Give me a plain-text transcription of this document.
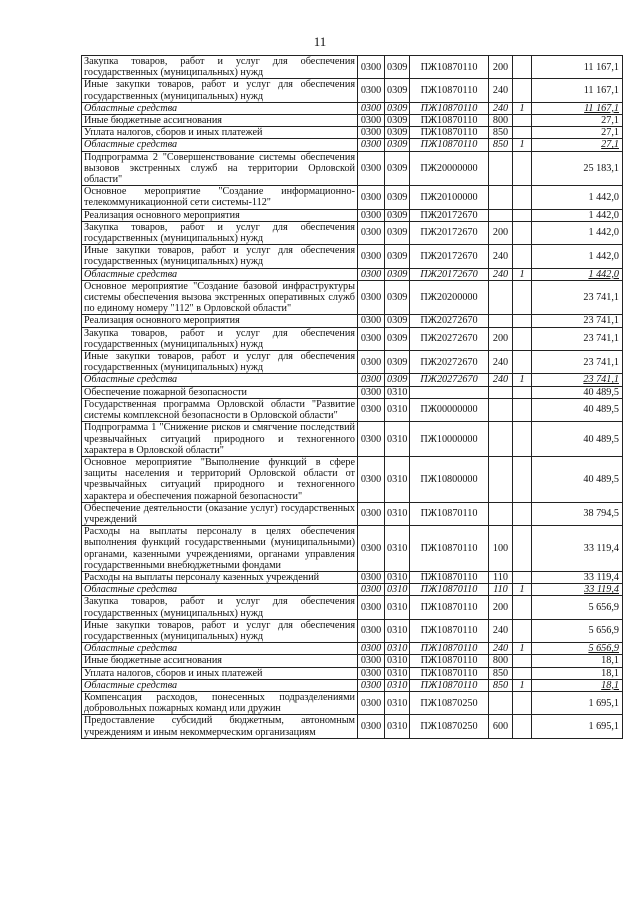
11
Закупка товаров, работ и услуг для обеспечения государственных (муниципальных) нужд	0300	0309	ПЖ10870110	200		11 167,1
Иные закупки товаров, работ и услуг для обеспечения государственных (муниципальных) нужд	0300	0309	ПЖ10870110	240		11 167,1
Областные средства	0300	0309	ПЖ10870110	240	1	11 167,1
Иные бюджетные ассигнования	0300	0309	ПЖ10870110	800		27,1
Уплата налогов, сборов и иных платежей	0300	0309	ПЖ10870110	850		27,1
Областные средства	0300	0309	ПЖ10870110	850	1	27,1
Подпрограмма 2 "Совершенствование системы обеспечения вызовов экстренных служб на территории Орловской области"	0300	0309	ПЖ20000000			25 183,1
Основное мероприятие "Создание информационно-телекоммуникационной сети системы-112"	0300	0309	ПЖ20100000			1 442,0
Реализация основного мероприятия	0300	0309	ПЖ20172670			1 442,0
Закупка товаров, работ и услуг для обеспечения государственных (муниципальных) нужд	0300	0309	ПЖ20172670	200		1 442,0
Иные закупки товаров, работ и услуг для обеспечения государственных (муниципальных) нужд	0300	0309	ПЖ20172670	240		1 442,0
Областные средства	0300	0309	ПЖ20172670	240	1	1 442,0
Основное мероприятие "Создание базовой инфраструктуры системы обеспечения вызова экстренных оперативных служб по единому номеру "112" в Орловской области"	0300	0309	ПЖ20200000			23 741,1
Реализация основного мероприятия	0300	0309	ПЖ20272670			23 741,1
Закупка товаров, работ и услуг для обеспечения государственных (муниципальных) нужд	0300	0309	ПЖ20272670	200		23 741,1
Иные закупки товаров, работ и услуг для обеспечения государственных (муниципальных) нужд	0300	0309	ПЖ20272670	240		23 741,1
Областные средства	0300	0309	ПЖ20272670	240	1	23 741,1
Обеспечение пожарной безопасности	0300	0310				40 489,5
Государственная программа Орловской области "Развитие системы комплексной безопасности в Орловской области"	0300	0310	ПЖ00000000			40 489,5
Подпрограмма 1 "Снижение рисков и смягчение последствий чрезвычайных ситуаций природного и техногенного характера в Орловской области"	0300	0310	ПЖ10000000			40 489,5
Основное мероприятие "Выполнение функций в сфере защиты населения и территорий Орловской области от чрезвычайных ситуаций природного и техногенного характера и обеспечения пожарной безопасности"	0300	0310	ПЖ10800000			40 489,5
Обеспечение деятельности (оказание услуг) государственных учреждений	0300	0310	ПЖ10870110			38 794,5
Расходы на выплаты персоналу в целях обеспечения выполнения функций государственными (муниципальными) органами, казенными учреждениями, органами управления государственными внебюджетными фондами	0300	0310	ПЖ10870110	100		33 119,4
Расходы на выплаты персоналу казенных учреждений	0300	0310	ПЖ10870110	110		33 119,4
Областные средства	0300	0310	ПЖ10870110	110	1	33 119,4
Закупка товаров, работ и услуг для обеспечения государственных (муниципальных) нужд	0300	0310	ПЖ10870110	200		5 656,9
Иные закупки товаров, работ и услуг для обеспечения государственных (муниципальных) нужд	0300	0310	ПЖ10870110	240		5 656,9
Областные средства	0300	0310	ПЖ10870110	240	1	5 656,9
Иные бюджетные ассигнования	0300	0310	ПЖ10870110	800		18,1
Уплата налогов, сборов и иных платежей	0300	0310	ПЖ10870110	850		18,1
Областные средства	0300	0310	ПЖ10870110	850	1	18,1
Компенсация расходов, понесенных подразделениями добровольных пожарных команд или дружин	0300	0310	ПЖ10870250			1 695,1
Предоставление субсидий бюджетным, автономным учреждениям и иным некоммерческим организациям	0300	0310	ПЖ10870250	600		1 695,1
